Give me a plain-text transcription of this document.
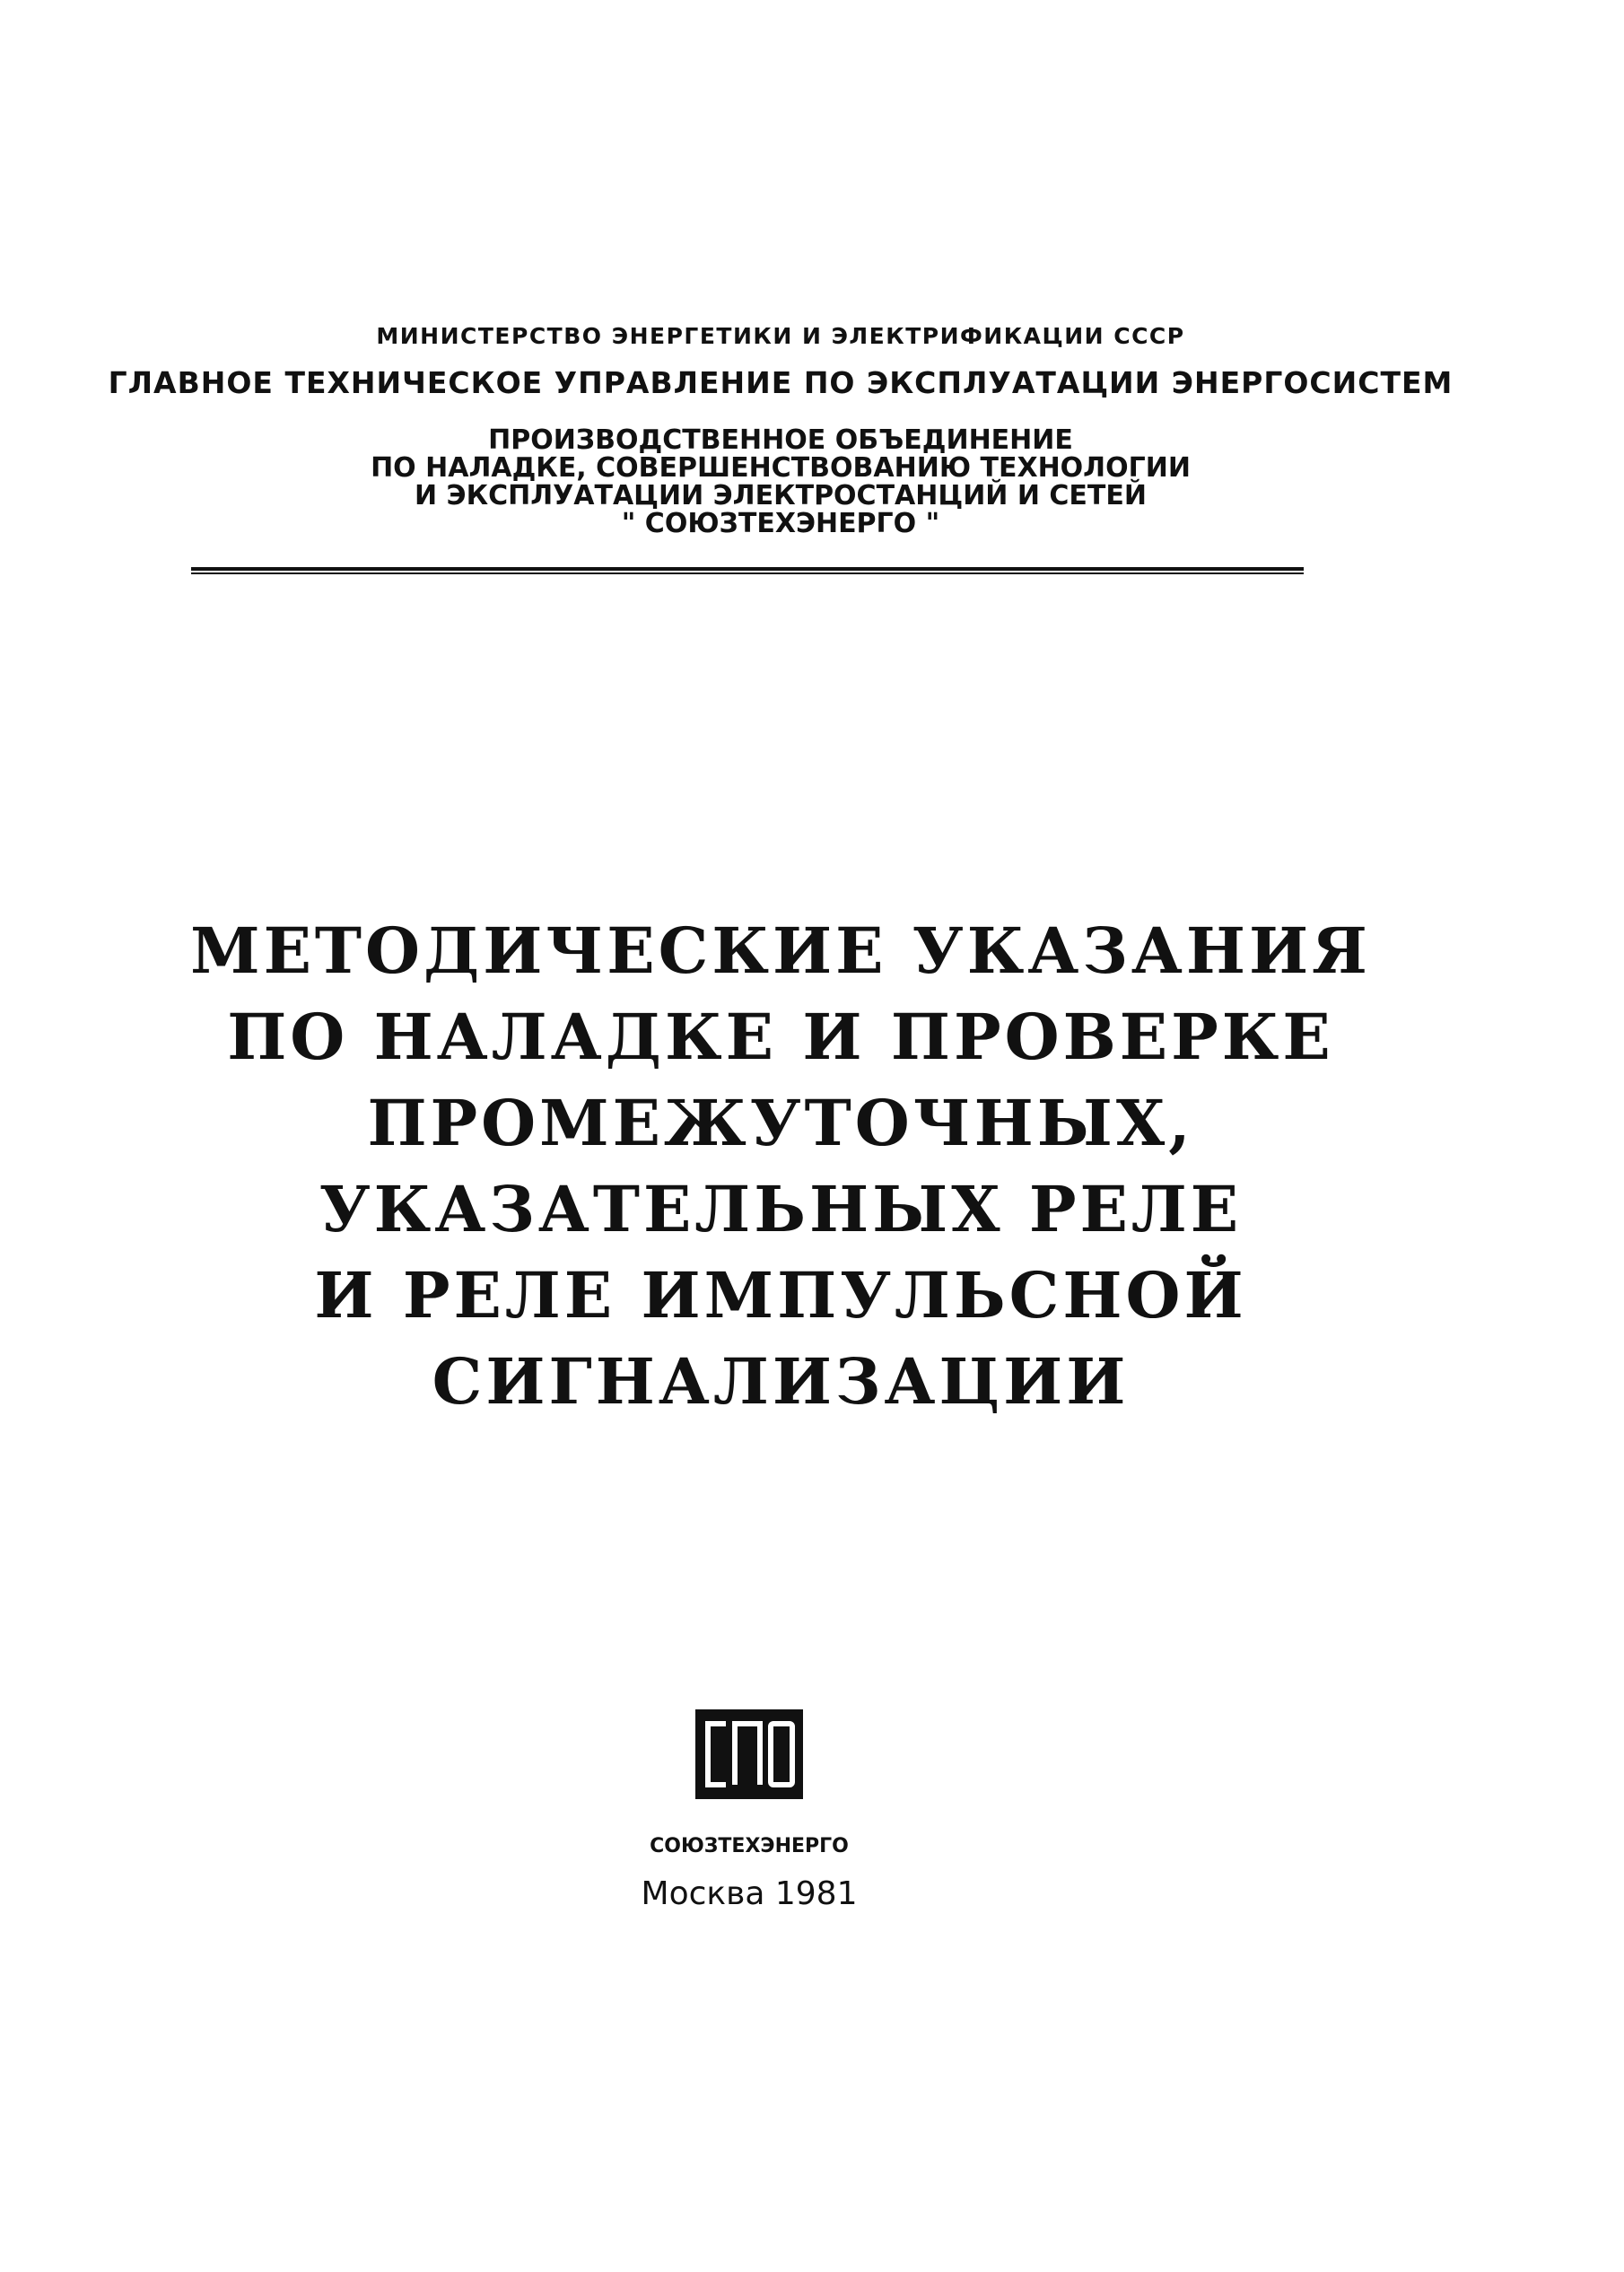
МИНИСТЕРСТВО ЭНЕРГЕТИКИ И ЭЛЕКТРИФИКАЦИИ СССР
ГЛАВНОЕ ТЕХНИЧЕСКОЕ УПРАВЛЕНИЕ ПО ЭКСПЛУАТАЦИИ ЭНЕРГОСИСТЕМ
ПРОИЗВОДСТВЕННОЕ ОБЪЕДИНЕНИЕ
ПО НАЛАДКЕ, СОВЕРШЕНСТВОВАНИЮ ТЕХНОЛОГИИ
И ЭКСПЛУАТАЦИИ ЭЛЕКТРОСТАНЦИЙ И СЕТЕЙ
" СОЮЗТЕХЭНЕРГО "
МЕТОДИЧЕСКИЕ УКАЗАНИЯ
ПО НАЛАДКЕ И ПРОВЕРКЕ
ПРОМЕЖУТОЧНЫХ,
УКАЗАТЕЛЬНЫХ РЕЛЕ
И РЕЛЕ ИМПУЛЬСНОЙ
СИГНАЛИЗАЦИИ
СОЮЗТЕХЭНЕРГО
Москва 1981
